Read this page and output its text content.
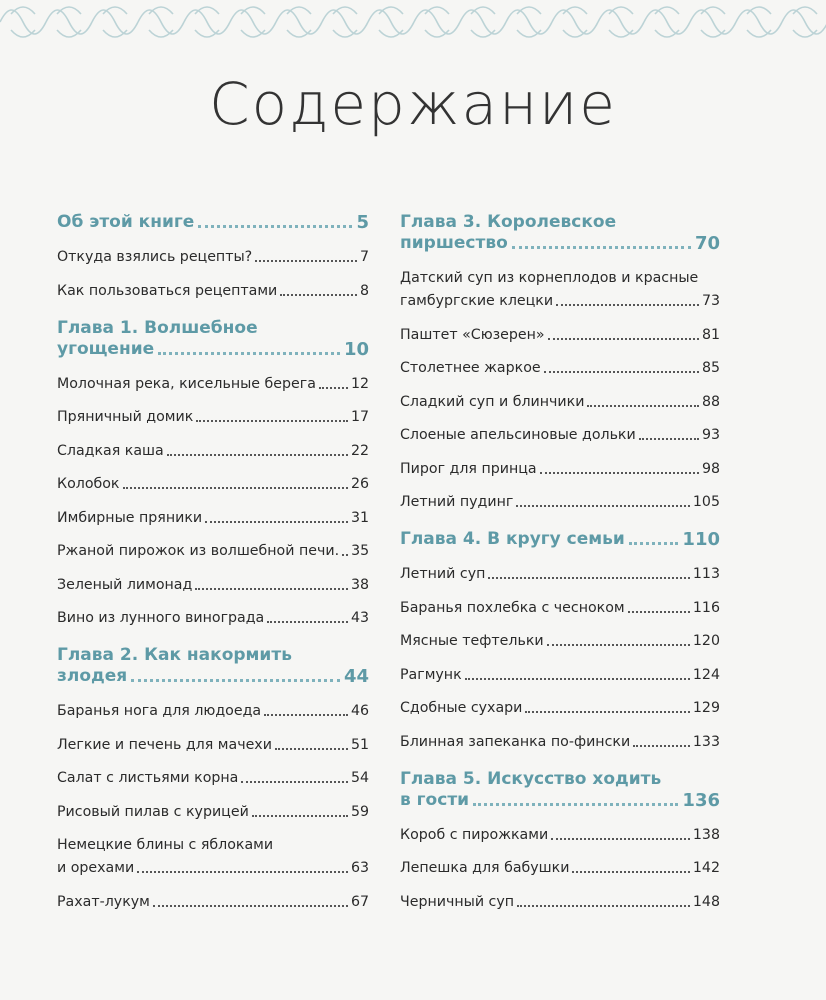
Содержание
Об этой книге	5
Откуда взялись рецепты?	7
Как пользоваться рецептами	8
Глава 1. Волшебное
угощение	10
Молочная река, кисельные берега 12
Пряничный домик	17
Сладкая каша	22
Колобок	26
Имбирные пряники	31
Ржаной пирожок из волшебной печи. 35
Зеленый лимонад	38
Вино из лунного винограда	43
Глава 2. Как накормить
злодея	44
Баранья нога для людоеда	46
Легкие и печень для мачехи	51
Салат с листьями корна	54
Рисовый пилав с курицей	59
Немецкие блины с яблоками
и орехами	63
Рахат-лукум	67
Глава 3. Королевское
пиршество	70
Датский суп из корнеплодов и красные
гамбургские клецки	73
Паштет «Сюзерен»	81
Столетнее жаркое	85
Сладкий суп и блинчики	88
Слоеные апельсиновые дольки	93
Пирог для принца	98
Летний пудинг	105
Глава 4. В кругу семьи	110
Летний суп	113
Баранья похлебка с чесноком	116
Мясные тефтельки	120
Рагмунк	124
Сдобные сухари	129
Блинная запеканка по-фински	133
Глава 5. Искусство ходить
в гости	136
Короб с пирожками	138
Лепешка для бабушки	142
Черничный суп	148
